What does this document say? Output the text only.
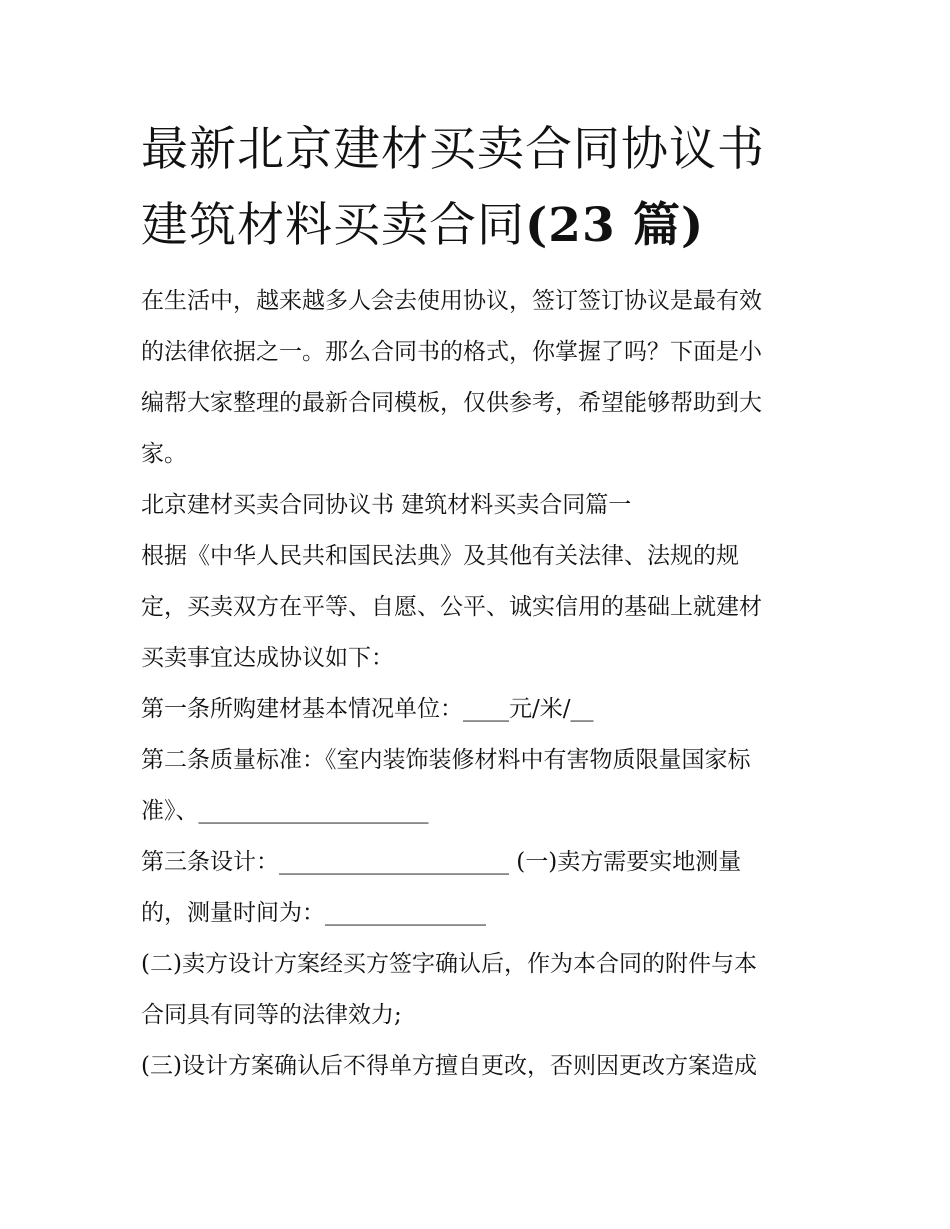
最新北京建材买卖合同协议书
建筑材料买卖合同(23 篇)
在生活中，越来越多人会去使用协议，签订签订协议是最有效
的法律依据之一。那么合同书的格式，你掌握了吗？下面是小
编帮大家整理的最新合同模板，仅供参考，希望能够帮助到大
家。
北京建材买卖合同协议书 建筑材料买卖合同篇一
根据《中华人民共和国民法典》及其他有关法律、法规的规
定，买卖双方在平等、自愿、公平、诚实信用的基础上就建材
买卖事宜达成协议如下：
第一条所购建材基本情况单位：____元/米/__
第二条质量标准：《室内装饰装修材料中有害物质限量国家标
准》、____________________
第三条设计：____________________ (一)卖方需要实地测量
的，测量时间为：______________
(二)卖方设计方案经买方签字确认后，作为本合同的附件与本
合同具有同等的法律效力;
(三)设计方案确认后不得单方擅自更改，否则因更改方案造成
